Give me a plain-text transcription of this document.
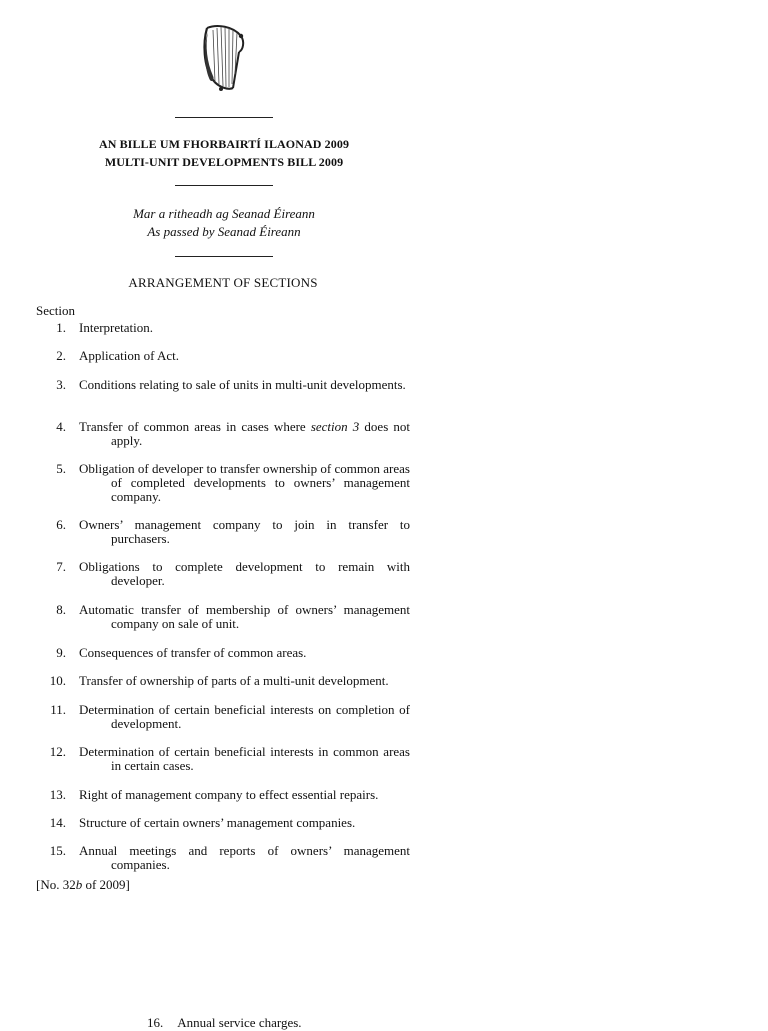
AN BILLE UM FHORBAIRTÍ ILAONAD 2009
MULTI-UNIT DEVELOPMENTS BILL 2009
Mar a ritheadh ag Seanad Éireann
As passed by Seanad Éireann
ARRANGEMENT OF SECTIONS
Section
1. Interpretation.
2. Application of Act.
3. Conditions relating to sale of units in multi-unit developments.
4. Transfer of common areas in cases where section 3 does not apply.
5. Obligation of developer to transfer ownership of common areas of completed developments to owners’ management company.
6. Owners’ management company to join in transfer to purchasers.
7. Obligations to complete development to remain with developer.
8. Automatic transfer of membership of owners’ management company on sale of unit.
9. Consequences of transfer of common areas.
10. Transfer of ownership of parts of a multi-unit development.
11. Determination of certain beneficial interests on completion of development.
12. Determination of certain beneficial interests in common areas in certain cases.
13. Right of management company to effect essential repairs.
14. Structure of certain owners’ management companies.
15. Annual meetings and reports of owners’ management companies.
[No. 32b of 2009]
16. Annual service charges.
